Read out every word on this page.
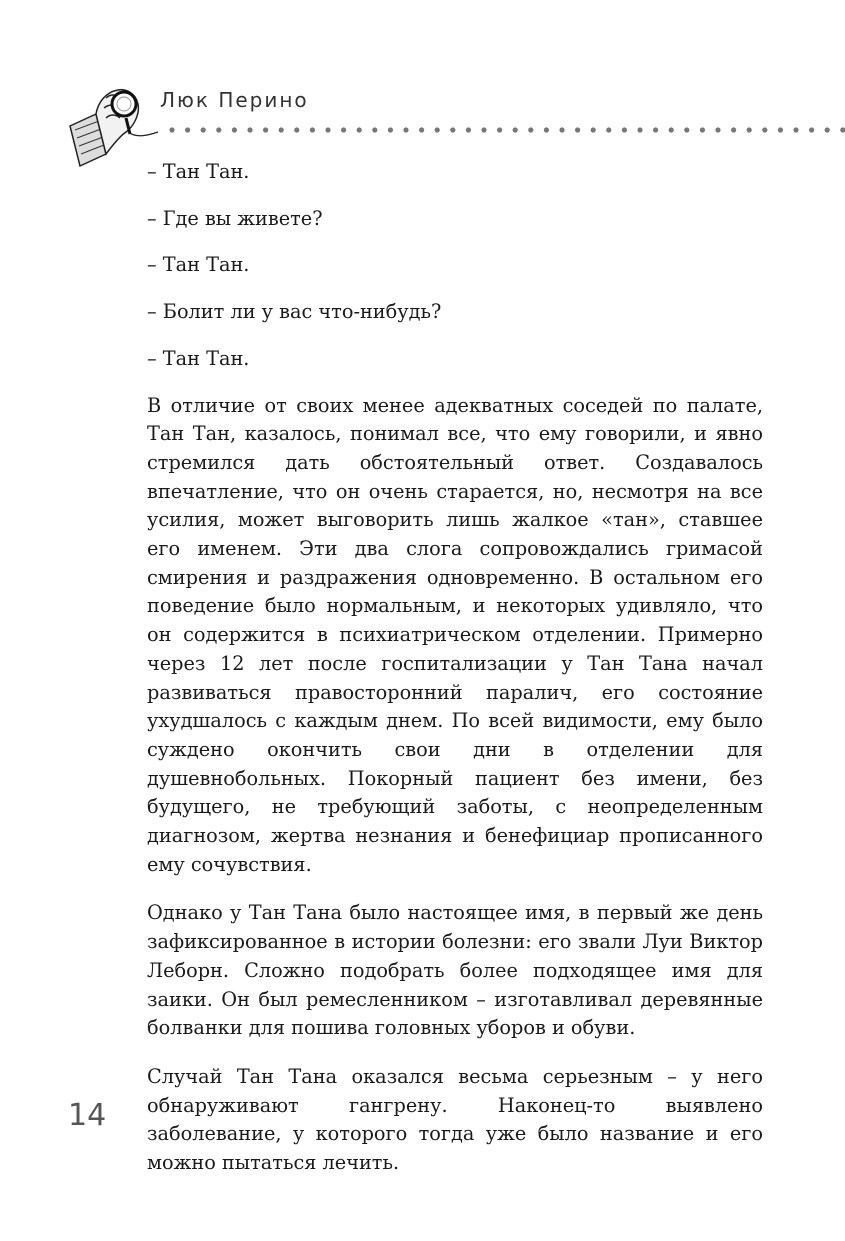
Люк Перино

– Тан Тан.

– Где вы живете?

– Тан Тан.

– Болит ли у вас что-нибудь?

– Тан Тан.

В отличие от своих менее адекватных соседей по палате, Тан Тан, казалось, понимал все, что ему говорили, и явно стремился дать обстоятельный ответ. Создавалось впечатление, что он очень старается, но, несмотря на все усилия, может выговорить лишь жалкое «тан», ставшее его именем. Эти два слога сопровождались гримасой смирения и раздражения одновременно. В остальном его поведение было нормальным, и некоторых удивляло, что он содержится в психиатрическом отделении. Примерно через 12 лет после госпитализации у Тан Тана начал развиваться правосторонний паралич, его состояние ухудшалось с каждым днем. По всей видимости, ему было суждено окончить свои дни в отделении для душевнобольных. Покорный пациент без имени, без будущего, не требующий заботы, с неопределенным диагнозом, жертва незнания и бенефициар прописанного ему сочувствия.

Однако у Тан Тана было настоящее имя, в первый же день зафиксированное в истории болезни: его звали Луи Виктор Леборн. Сложно подобрать более подходящее имя для заики. Он был ремесленником – изготавливал деревянные болванки для пошива головных уборов и обуви.

Случай Тан Тана оказался весьма серьезным – у него обнаруживают гангрену. Наконец-то выявлено заболевание, у которого тогда уже было название и его можно пытаться лечить.

14
